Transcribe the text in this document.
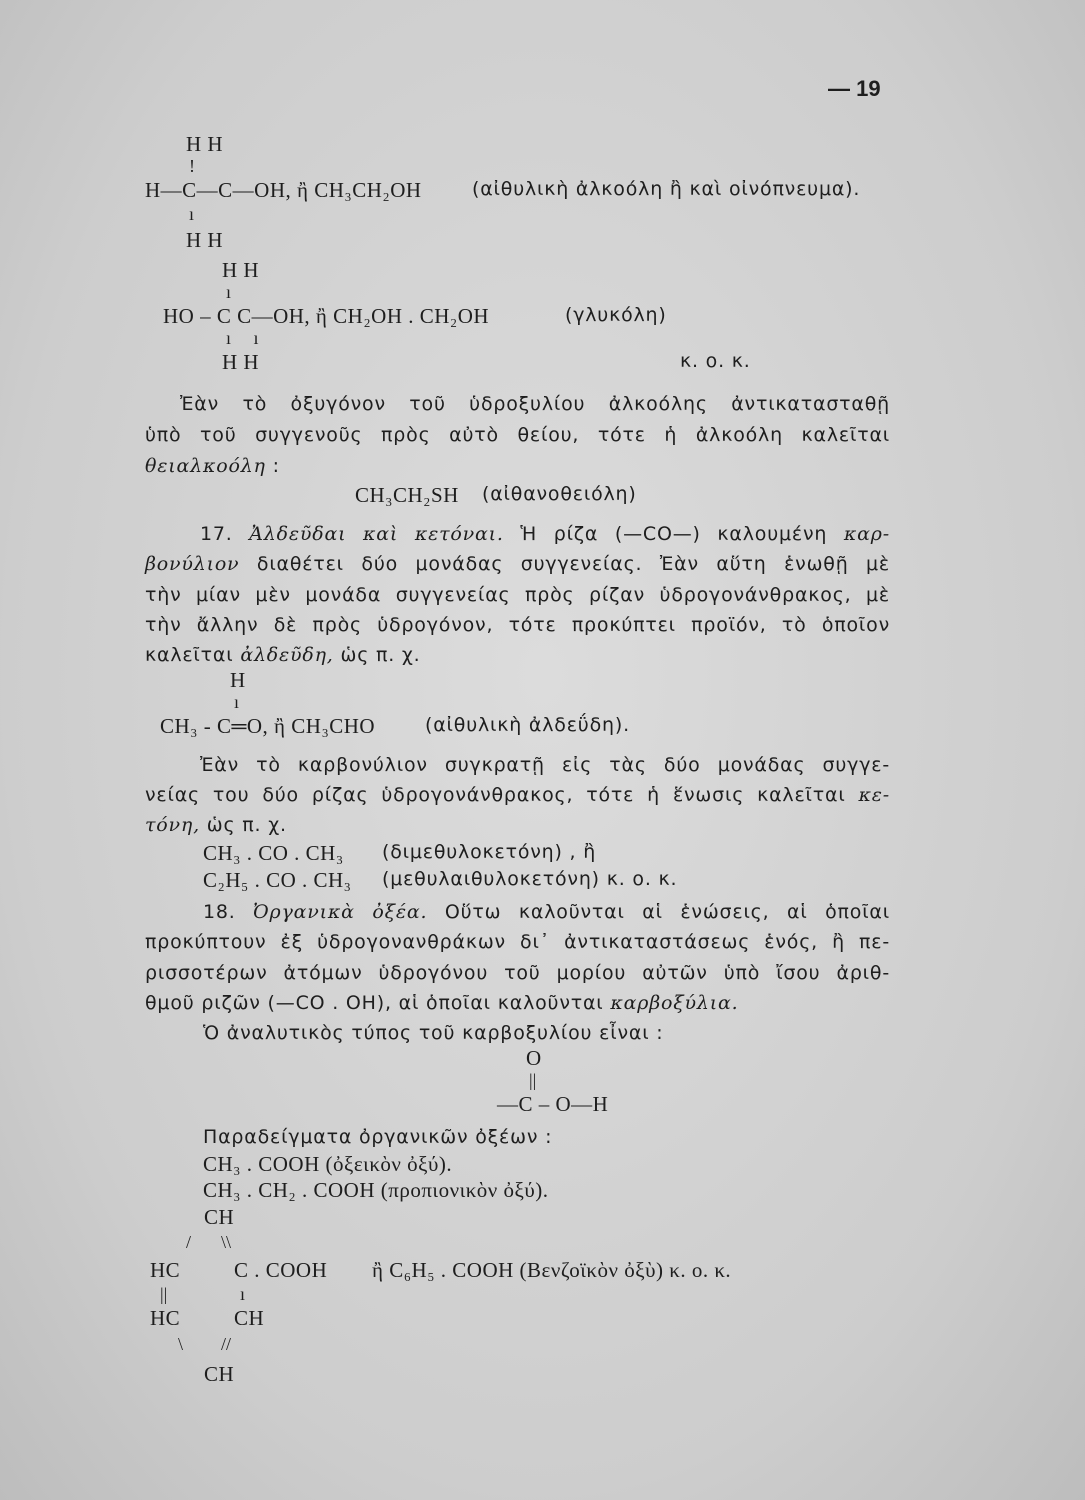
— 19
H H
!
H—C—C—OH, ἢ CH₃CH₂OH	(αἰθυλικὴ ἀλκοόλη ἢ καὶ οἰνόπνευμα).
ı
H H
H H
ı
HO – C C—OH, ἢ CH₂OH . CH₂OH	(γλυκόλη)
ı     ı
H H	κ. ο. κ.
Ἐὰν τὸ ὀξυγόνον τοῦ ὑδροξυλίου ἀλκοόλης ἀντικατασταθῇ
ὑπὸ τοῦ συγγενοῦς πρὸς αὐτὸ θείου, τότε ἡ ἀλκοόλη καλεῖται
θειαλκοόλη :
CH₃CH₂SH (αἰθανοθειόλη)
17. Ἀλδεῦδαι καὶ κετόναι. Ἡ ρίζα (—CO—) καλουμένη καρ-
βονύλιον διαθέτει δύο μονάδας συγγενείας. Ἐὰν αὕτη ἑνωθῇ μὲ
τὴν μίαν μὲν μονάδα συγγενείας πρὸς ρίζαν ὑδρογονάνθρακος, μὲ
τὴν ἄλλην δὲ πρὸς ὑδρογόνον, τότε προκύπτει προϊόν, τὸ ὁποῖον
καλεῖται ἀλδεῦδη, ὡς π. χ.
H
ı
CH₃ - C═O, ἢ CH₃CHO	(αἰθυλικὴ ἀλδεΰδη).
Ἐὰν τὸ καρβονύλιον συγκρατῇ εἰς τὰς δύο μονάδας συγγε-
νείας του δύο ρίζας ὑδρογονάνθρακος, τότε ἡ ἕνωσις καλεῖται κε-
τόνη, ὡς π. χ.
CH₃ . CO . CH₃ (διμεθυλοκετόνη) , ἢ
C₂H₅ . CO . CH₃ (μεθυλαιθυλοκετόνη) κ. ο. κ.
18. Ὀργανικὰ ὀξέα. Οὕτω καλοῦνται αἱ ἑνώσεις, αἱ ὁποῖαι
προκύπτουν ἐξ ὑδρογονανθράκων δι᾽ ἀντικαταστάσεως ἑνός, ἢ πε-
ρισσοτέρων ἀτόμων ὑδρογόνου τοῦ μορίου αὐτῶν ὑπὸ ἴσου ἀριθ-
θμοῦ ριζῶν (—CO . OH), αἱ ὁποῖαι καλοῦνται καρβοξύλια.
Ὁ ἀναλυτικὸς τύπος τοῦ καρβοξυλίου εἶναι :
O
||
—C – O—H
Παραδείγματα ὀργανικῶν ὀξέων :
CH₃ . COOH (ὀξεικὸν ὀξύ).
CH₃ . CH₂ . COOH (προπιονικὸν ὀξύ).
CH
/ \\
HC	C . COOH ἢ C₆H₅ . COOH (Βενζοϊκὸν ὀξὺ) κ. ο. κ.
||	ı
HC	CH
\ //
CH
